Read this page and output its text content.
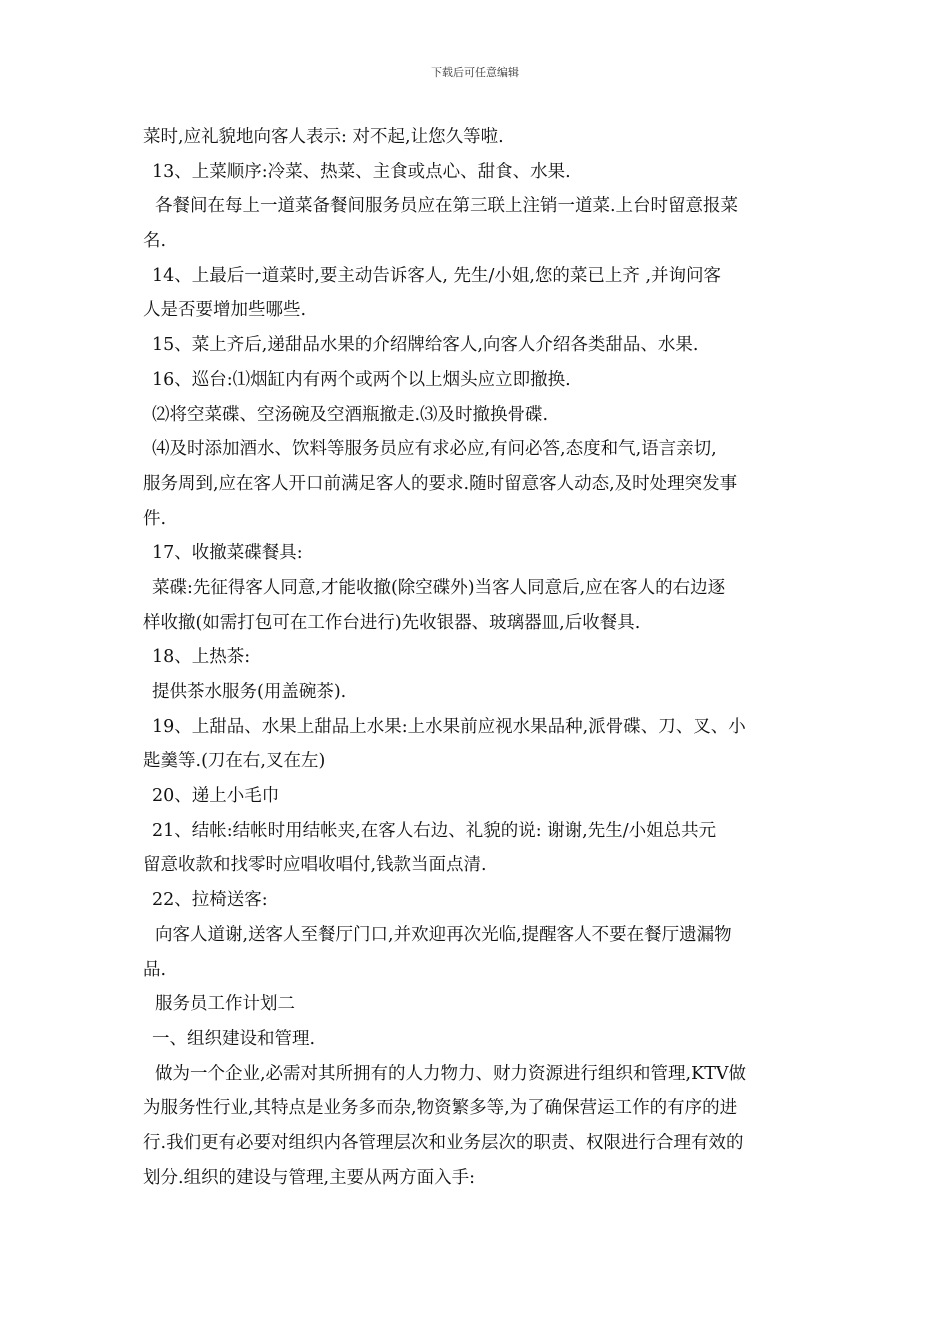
下载后可任意编辑
菜时,应礼貌地向客人表示: 对不起,让您久等啦.
13、上菜顺序:冷菜、热菜、主食或点心、甜食、水果.
各餐间在每上一道菜备餐间服务员应在第三联上注销一道菜.上台时留意报菜
名.
14、上最后一道菜时,要主动告诉客人, 先生/小姐,您的菜已上齐 ,并询问客
人是否要增加些哪些.
15、菜上齐后,递甜品水果的介绍牌给客人,向客人介绍各类甜品、水果.
16、巡台:⑴烟缸内有两个或两个以上烟头应立即撤换.
⑵将空菜碟、空汤碗及空酒瓶撤走.⑶及时撤换骨碟.
⑷及时添加酒水、饮料等服务员应有求必应,有问必答,态度和气,语言亲切,
服务周到,应在客人开口前满足客人的要求.随时留意客人动态,及时处理突发事
件.
17、收撤菜碟餐具:
菜碟:先征得客人同意,才能收撤(除空碟外)当客人同意后,应在客人的右边逐
样收撤(如需打包可在工作台进行)先收银器、玻璃器皿,后收餐具.
18、上热茶:
提供茶水服务(用盖碗茶).
19、上甜品、水果上甜品上水果:上水果前应视水果品种,派骨碟、刀、叉、小
匙羹等.(刀在右,叉在左)
20、递上小毛巾
21、结帐:结帐时用结帐夹,在客人右边、礼貌的说: 谢谢,先生/小姐总共元
留意收款和找零时应唱收唱付,钱款当面点清.
22、拉椅送客:
向客人道谢,送客人至餐厅门口,并欢迎再次光临,提醒客人不要在餐厅遗漏物
品.
服务员工作计划二
一、组织建设和管理.
做为一个企业,必需对其所拥有的人力物力、财力资源进行组织和管理,KTV做
为服务性行业,其特点是业务多而杂,物资繁多等,为了确保营运工作的有序的进
行.我们更有必要对组织内各管理层次和业务层次的职责、权限进行合理有效的
划分.组织的建设与管理,主要从两方面入手:
